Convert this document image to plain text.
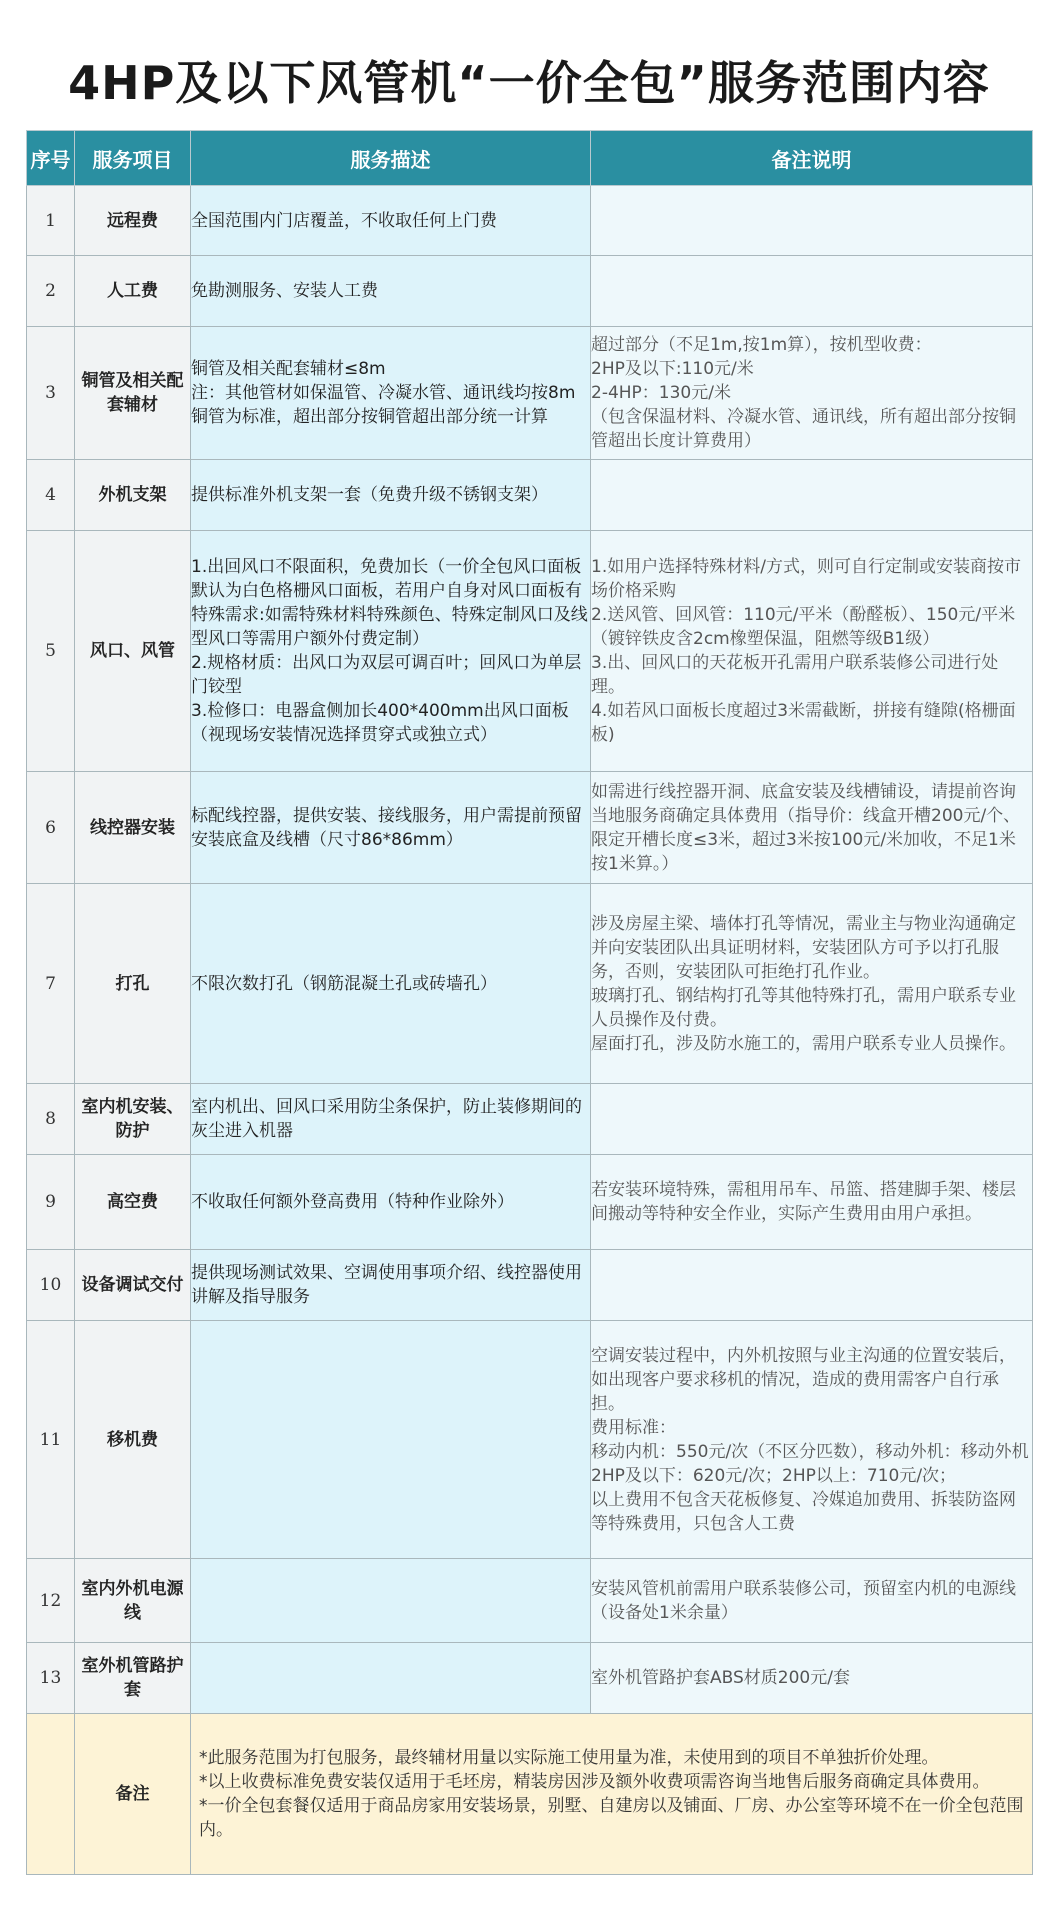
4HP及以下风管机“一价全包”服务范围内容
序号	服务项目	服务描述	备注说明
1	远程费	全国范围内门店覆盖，不收取任何上门费	

2	人工费	免勘测服务、安装人工费	

3	铜管及相关配套辅材	铜管及相关配套辅材≤8m
注：其他管材如保温管、冷凝水管、通讯线均按8m铜管为标准，超出部分按铜管超出部分统一计算	超过部分（不足1m,按1m算），按机型收费：
2HP及以下:110元/米
2-4HP：130元/米
（包含保温材料、冷凝水管、通讯线，所有超出部分按铜管超出长度计算费用）

4	外机支架	提供标准外机支架一套（免费升级不锈钢支架）	

5	风口、风管	1.出回风口不限面积，免费加长（一价全包风口面板默认为白色格栅风口面板，若用户自身对风口面板有特殊需求:如需特殊材料特殊颜色、特殊定制风口及线型风口等需用户额外付费定制）
2.规格材质：出风口为双层可调百叶；回风口为单层门铰型
3.检修口：电器盒侧加长400*400mm出风口面板（视现场安装情况选择贯穿式或独立式）	1.如用户选择特殊材料/方式，则可自行定制或安装商按市场价格采购
2.送风管、回风管：110元/平米（酚醛板）、150元/平米（镀锌铁皮含2cm橡塑保温，阻燃等级B1级）
3.出、回风口的天花板开孔需用户联系装修公司进行处理。
4.如若风口面板长度超过3米需截断，拼接有缝隙(格栅面板)

6	线控器安装	标配线控器，提供安装、接线服务，用户需提前预留安装底盒及线槽（尺寸86*86mm）	如需进行线控器开洞、底盒安装及线槽铺设，请提前咨询当地服务商确定具体费用（指导价：线盒开槽200元/个、限定开槽长度≤3米，超过3米按100元/米加收，不足1米按1米算。）

7	打孔	不限次数打孔（钢筋混凝土孔或砖墙孔）	涉及房屋主梁、墙体打孔等情况，需业主与物业沟通确定并向安装团队出具证明材料，安装团队方可予以打孔服务，否则，安装团队可拒绝打孔作业。
玻璃打孔、钢结构打孔等其他特殊打孔，需用户联系专业人员操作及付费。
屋面打孔，涉及防水施工的，需用户联系专业人员操作。

8	室内机安装、防护	室内机出、回风口采用防尘条保护，防止装修期间的灰尘进入机器	

9	高空费	不收取任何额外登高费用（特种作业除外）	若安装环境特殊，需租用吊车、吊篮、搭建脚手架、楼层间搬动等特种安全作业，实际产生费用由用户承担。

10	设备调试交付	提供现场测试效果、空调使用事项介绍、线控器使用讲解及指导服务	

11	移机费		空调安装过程中，内外机按照与业主沟通的位置安装后，如出现客户要求移机的情况，造成的费用需客户自行承担。
费用标准：
移动内机：550元/次（不区分匹数），移动外机：移动外机2HP及以下：620元/次；2HP以上：710元/次；
以上费用不包含天花板修复、冷媒追加费用、拆装防盗网等特殊费用，只包含人工费

12	室内外机电源线		安装风管机前需用户联系装修公司，预留室内机的电源线（设备处1米余量）

13	室外机管路护套		室外机管路护套ABS材质200元/套

	备注	*此服务范围为打包服务，最终辅材用量以实际施工使用量为准，未使用到的项目不单独折价处理。
*以上收费标准免费安装仅适用于毛坯房，精装房因涉及额外收费项需咨询当地售后服务商确定具体费用。
*一价全包套餐仅适用于商品房家用安装场景，别墅、自建房以及铺面、厂房、办公室等环境不在一价全包范围内。	
